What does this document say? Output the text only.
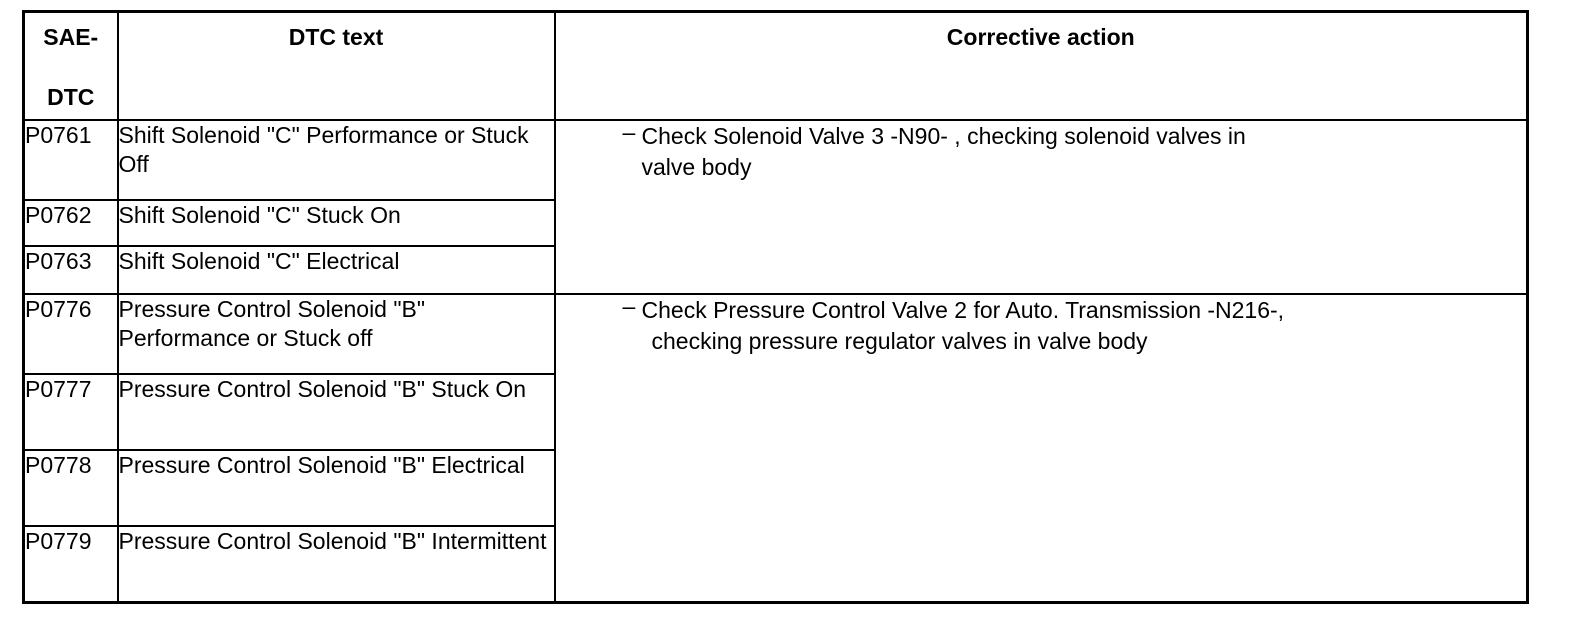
SAE-
DTC	DTC text	Corrective action

P0761	Shift Solenoid "C" Performance or Stuck Off	– Check Solenoid Valve 3 -N90- , checking solenoid valves in
valve body

P0762	Shift Solenoid "C" Stuck On	
P0763	Shift Solenoid "C" Electrical	
P0776	Pressure Control Solenoid "B" Performance or Stuck off	– Check Pressure Control Valve 2 for Auto. Transmission -N216-,
checking pressure regulator valves in valve body

P0777	Pressure Control Solenoid "B" Stuck On	
P0778	Pressure Control Solenoid "B" Electrical	
P0779	Pressure Control Solenoid "B" Intermittent	
